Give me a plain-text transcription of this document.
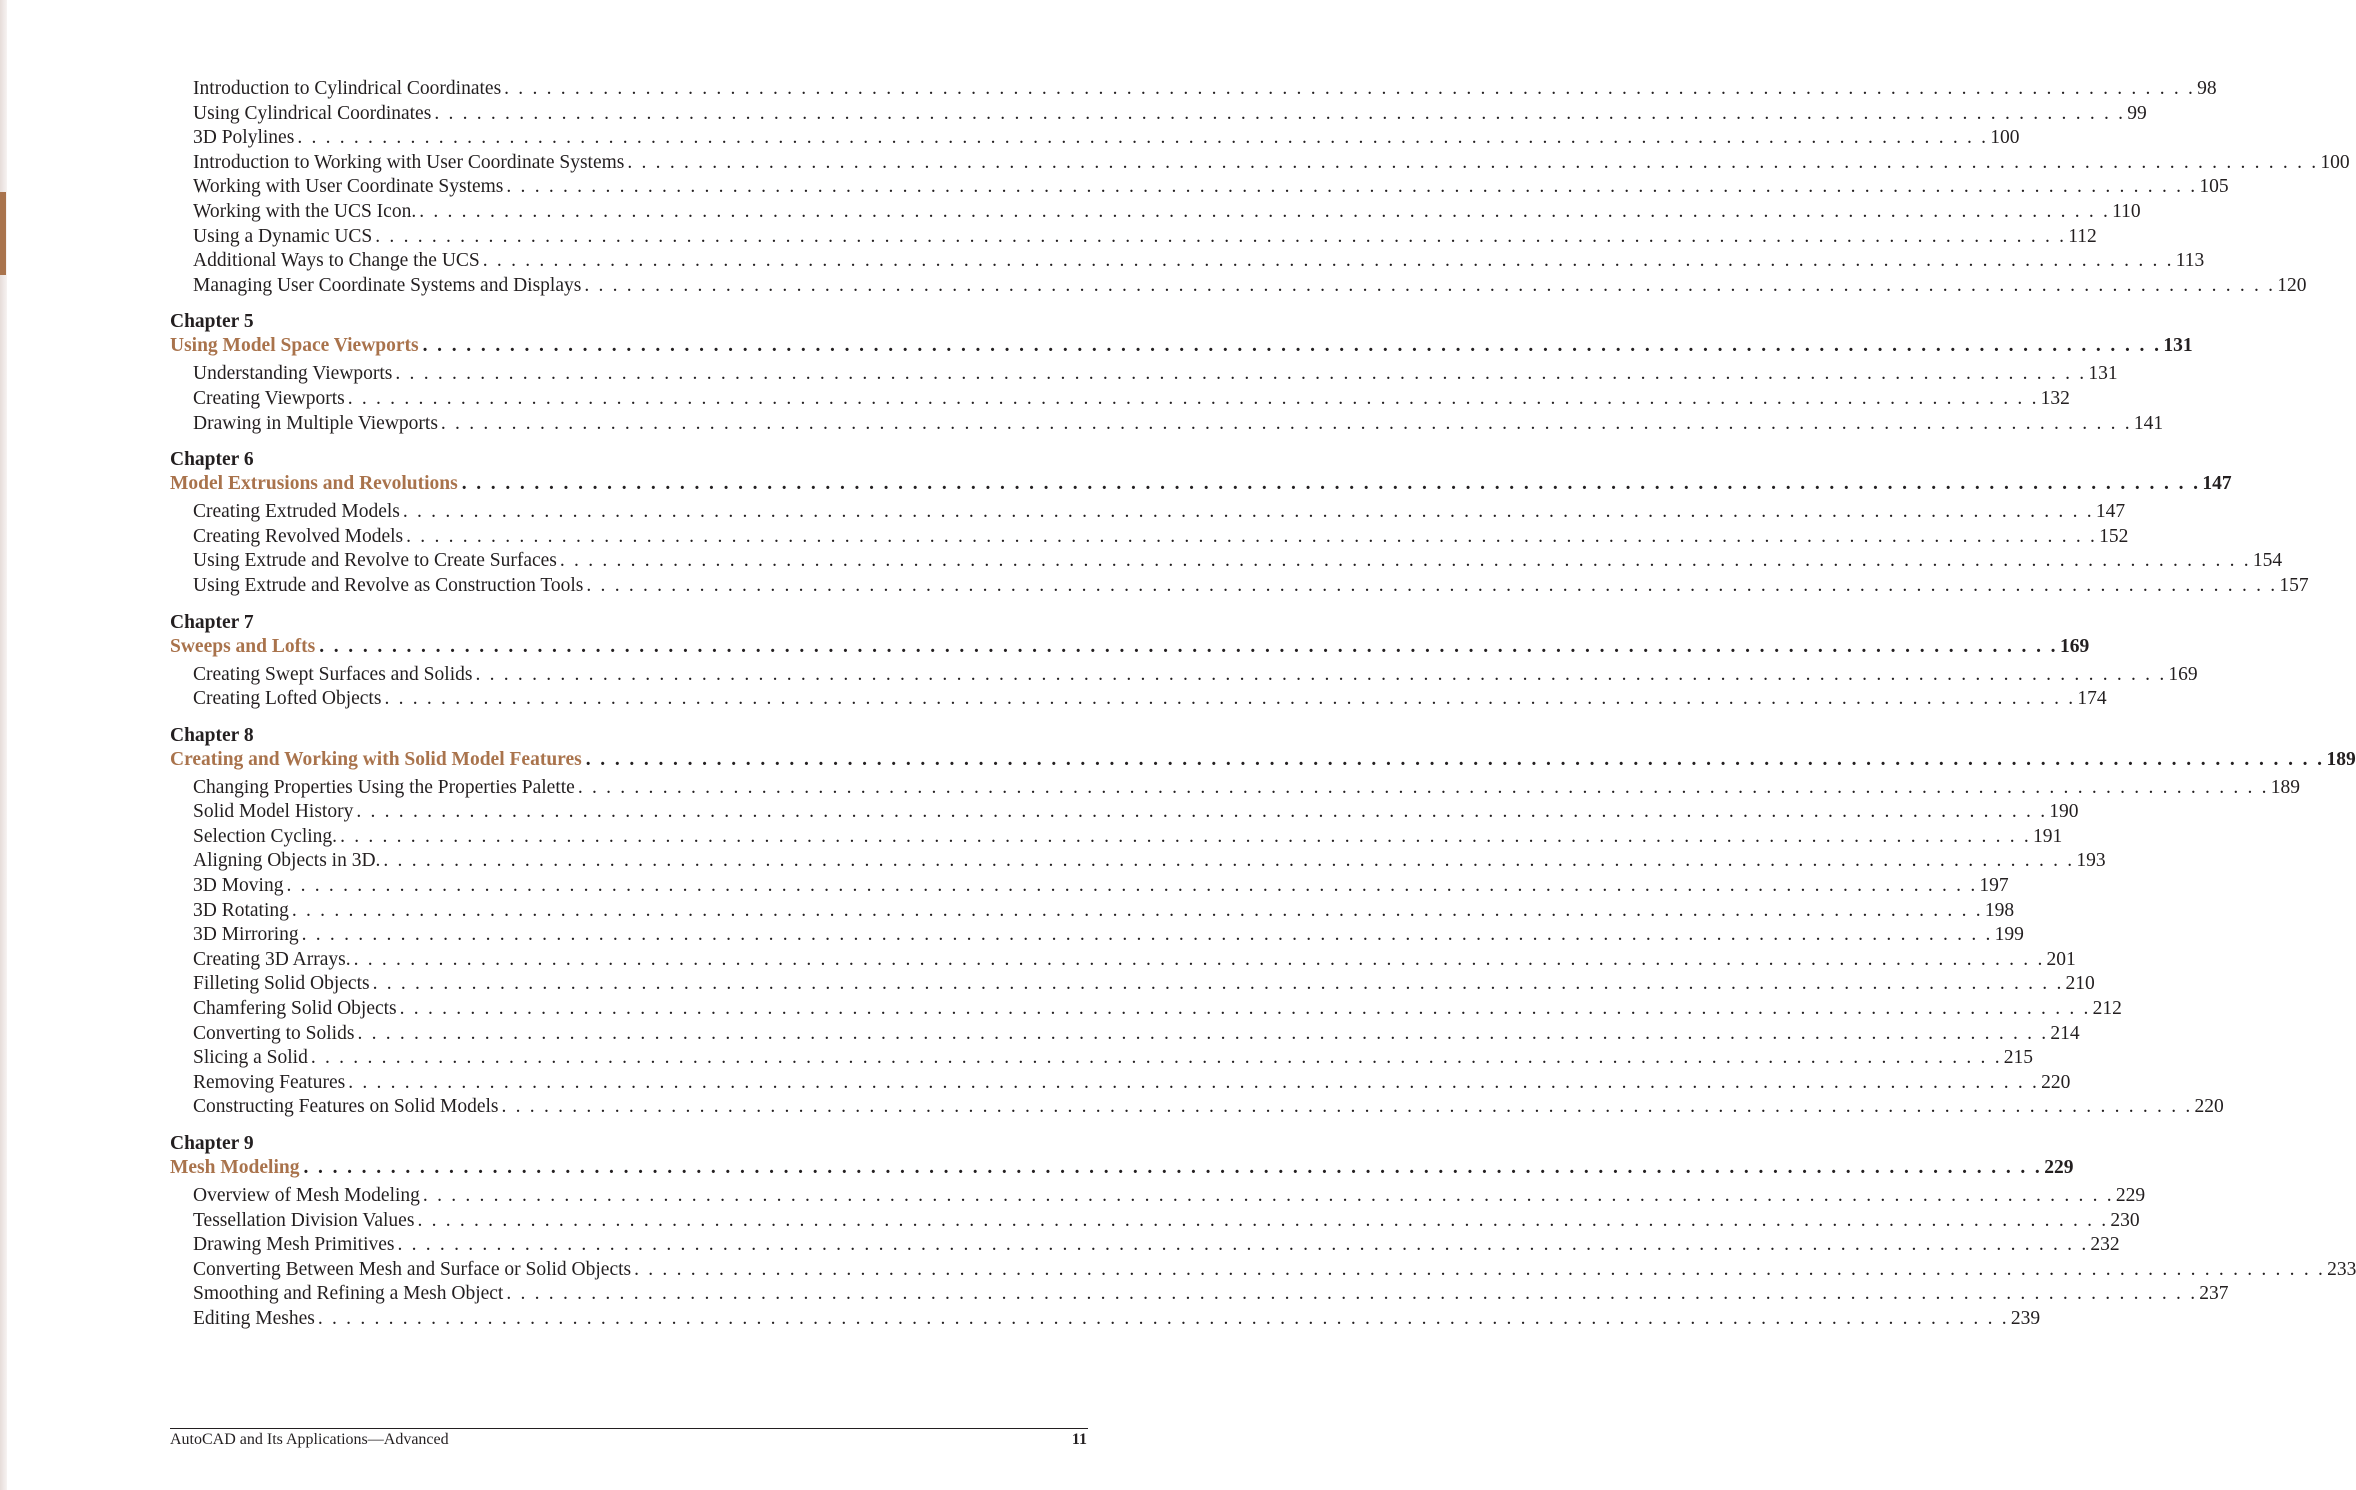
Introduction to Cylindrical Coordinates . . . . . . . . . . . . . . . . . . . . . . . . . . . . . . . . . . . . . . . . . . . . . . . . . . . . . . . . . . . . . . . . . . . . . . . . . . . . . . . . . . . . . . . . . . . . . . . . . . . . . . . . . . . . . . . . . . . . . . . . 98
Using Cylindrical Coordinates . . . . . . . . . . . . . . . . . . . . . . . . . . . . . . . . . . . . . . . . . . . . . . . . . . . . . . . . . . . . . . . . . . . . . . . . . . . . . . . . . . . . . . . . . . . . . . . . . . . . . . . . . . . . . . . . . . . . . . . . 99
3D Polylines . . . . . . . . . . . . . . . . . . . . . . . . . . . . . . . . . . . . . . . . . . . . . . . . . . . . . . . . . . . . . . . . . . . . . . . . . . . . . . . . . . . . . . . . . . . . . . . . . . . . . . . . . . . . . . . . . . . . . . . . 100
Introduction to Working with User Coordinate Systems . . . . . . . . . . . . . . . . . . . . . . . . . . . . . . . . . . . . . . . . . . . . . . . . . . . . . . . . . . . . . . . . . . . . . . . . . . . . . . . . . . . . . . . . . . . . . . . . . . . . . . . . . . . . . . . . . . . . . . . . 100
Working with User Coordinate Systems . . . . . . . . . . . . . . . . . . . . . . . . . . . . . . . . . . . . . . . . . . . . . . . . . . . . . . . . . . . . . . . . . . . . . . . . . . . . . . . . . . . . . . . . . . . . . . . . . . . . . . . . . . . . . . . . . . . . . . . . 105
Working with the UCS Icon. . . . . . . . . . . . . . . . . . . . . . . . . . . . . . . . . . . . . . . . . . . . . . . . . . . . . . . . . . . . . . . . . . . . . . . . . . . . . . . . . . . . . . . . . . . . . . . . . . . . . . . . . . . . . . . . . . . . . . . . . 110
Using a Dynamic UCS . . . . . . . . . . . . . . . . . . . . . . . . . . . . . . . . . . . . . . . . . . . . . . . . . . . . . . . . . . . . . . . . . . . . . . . . . . . . . . . . . . . . . . . . . . . . . . . . . . . . . . . . . . . . . . . . . . . . . . . . 112
Additional Ways to Change the UCS . . . . . . . . . . . . . . . . . . . . . . . . . . . . . . . . . . . . . . . . . . . . . . . . . . . . . . . . . . . . . . . . . . . . . . . . . . . . . . . . . . . . . . . . . . . . . . . . . . . . . . . . . . . . . . . . . . . . . . . . 113
Managing User Coordinate Systems and Displays . . . . . . . . . . . . . . . . . . . . . . . . . . . . . . . . . . . . . . . . . . . . . . . . . . . . . . . . . . . . . . . . . . . . . . . . . . . . . . . . . . . . . . . . . . . . . . . . . . . . . . . . . . . . . . . . . . . . . . . . 120
Chapter 5
Using Model Space Viewports . . . . . . . . . . . . . . . . . . . . . . . . . . . . . . . . . . . . . . . . . . . . . . . . . . . . . . . . . . . . . . . . . . . . . . . . . . . . . . . . . . . . . . . . . . . . . . . . . . . . . . . . . . . . . . . . . . . . . . . . 131
Understanding Viewports . . . . . . . . . . . . . . . . . . . . . . . . . . . . . . . . . . . . . . . . . . . . . . . . . . . . . . . . . . . . . . . . . . . . . . . . . . . . . . . . . . . . . . . . . . . . . . . . . . . . . . . . . . . . . . . . . . . . . . . . 131
Creating Viewports . . . . . . . . . . . . . . . . . . . . . . . . . . . . . . . . . . . . . . . . . . . . . . . . . . . . . . . . . . . . . . . . . . . . . . . . . . . . . . . . . . . . . . . . . . . . . . . . . . . . . . . . . . . . . . . . . . . . . . . . 132
Drawing in Multiple Viewports . . . . . . . . . . . . . . . . . . . . . . . . . . . . . . . . . . . . . . . . . . . . . . . . . . . . . . . . . . . . . . . . . . . . . . . . . . . . . . . . . . . . . . . . . . . . . . . . . . . . . . . . . . . . . . . . . . . . . . . . 141
Chapter 6
Model Extrusions and Revolutions . . . . . . . . . . . . . . . . . . . . . . . . . . . . . . . . . . . . . . . . . . . . . . . . . . . . . . . . . . . . . . . . . . . . . . . . . . . . . . . . . . . . . . . . . . . . . . . . . . . . . . . . . . . . . . . . . . . . . . . . 147
Creating Extruded Models . . . . . . . . . . . . . . . . . . . . . . . . . . . . . . . . . . . . . . . . . . . . . . . . . . . . . . . . . . . . . . . . . . . . . . . . . . . . . . . . . . . . . . . . . . . . . . . . . . . . . . . . . . . . . . . . . . . . . . . . 147
Creating Revolved Models . . . . . . . . . . . . . . . . . . . . . . . . . . . . . . . . . . . . . . . . . . . . . . . . . . . . . . . . . . . . . . . . . . . . . . . . . . . . . . . . . . . . . . . . . . . . . . . . . . . . . . . . . . . . . . . . . . . . . . . . 152
Using Extrude and Revolve to Create Surfaces . . . . . . . . . . . . . . . . . . . . . . . . . . . . . . . . . . . . . . . . . . . . . . . . . . . . . . . . . . . . . . . . . . . . . . . . . . . . . . . . . . . . . . . . . . . . . . . . . . . . . . . . . . . . . . . . . . . . . . . . 154
Using Extrude and Revolve as Construction Tools . . . . . . . . . . . . . . . . . . . . . . . . . . . . . . . . . . . . . . . . . . . . . . . . . . . . . . . . . . . . . . . . . . . . . . . . . . . . . . . . . . . . . . . . . . . . . . . . . . . . . . . . . . . . . . . . . . . . . . . . 157
Chapter 7
Sweeps and Lofts . . . . . . . . . . . . . . . . . . . . . . . . . . . . . . . . . . . . . . . . . . . . . . . . . . . . . . . . . . . . . . . . . . . . . . . . . . . . . . . . . . . . . . . . . . . . . . . . . . . . . . . . . . . . . . . . . . . . . . . . 169
Creating Swept Surfaces and Solids . . . . . . . . . . . . . . . . . . . . . . . . . . . . . . . . . . . . . . . . . . . . . . . . . . . . . . . . . . . . . . . . . . . . . . . . . . . . . . . . . . . . . . . . . . . . . . . . . . . . . . . . . . . . . . . . . . . . . . . . 169
Creating Lofted Objects . . . . . . . . . . . . . . . . . . . . . . . . . . . . . . . . . . . . . . . . . . . . . . . . . . . . . . . . . . . . . . . . . . . . . . . . . . . . . . . . . . . . . . . . . . . . . . . . . . . . . . . . . . . . . . . . . . . . . . . . 174
Chapter 8
Creating and Working with Solid Model Features . . . . . . . . . . . . . . . . . . . . . . . . . . . . . . . . . . . . . . . . . . . . . . . . . . . . . . . . . . . . . . . . . . . . . . . . . . . . . . . . . . . . . . . . . . . . . . . . . . . . . . . . . . . . . . . . . . . . . . . . 189
Changing Properties Using the Properties Palette . . . . . . . . . . . . . . . . . . . . . . . . . . . . . . . . . . . . . . . . . . . . . . . . . . . . . . . . . . . . . . . . . . . . . . . . . . . . . . . . . . . . . . . . . . . . . . . . . . . . . . . . . . . . . . . . . . . . . . . . 189
Solid Model History . . . . . . . . . . . . . . . . . . . . . . . . . . . . . . . . . . . . . . . . . . . . . . . . . . . . . . . . . . . . . . . . . . . . . . . . . . . . . . . . . . . . . . . . . . . . . . . . . . . . . . . . . . . . . . . . . . . . . . . . 190
Selection Cycling. . . . . . . . . . . . . . . . . . . . . . . . . . . . . . . . . . . . . . . . . . . . . . . . . . . . . . . . . . . . . . . . . . . . . . . . . . . . . . . . . . . . . . . . . . . . . . . . . . . . . . . . . . . . . . . . . . . . . . . . . 191
Aligning Objects in 3D. . . . . . . . . . . . . . . . . . . . . . . . . . . . . . . . . . . . . . . . . . . . . . . . . . . . . . . . . . . . . . . . . . . . . . . . . . . . . . . . . . . . . . . . . . . . . . . . . . . . . . . . . . . . . . . . . . . . . . . . . 193
3D Moving . . . . . . . . . . . . . . . . . . . . . . . . . . . . . . . . . . . . . . . . . . . . . . . . . . . . . . . . . . . . . . . . . . . . . . . . . . . . . . . . . . . . . . . . . . . . . . . . . . . . . . . . . . . . . . . . . . . . . . . . 197
3D Rotating . . . . . . . . . . . . . . . . . . . . . . . . . . . . . . . . . . . . . . . . . . . . . . . . . . . . . . . . . . . . . . . . . . . . . . . . . . . . . . . . . . . . . . . . . . . . . . . . . . . . . . . . . . . . . . . . . . . . . . . . 198
3D Mirroring . . . . . . . . . . . . . . . . . . . . . . . . . . . . . . . . . . . . . . . . . . . . . . . . . . . . . . . . . . . . . . . . . . . . . . . . . . . . . . . . . . . . . . . . . . . . . . . . . . . . . . . . . . . . . . . . . . . . . . . . 199
Creating 3D Arrays. . . . . . . . . . . . . . . . . . . . . . . . . . . . . . . . . . . . . . . . . . . . . . . . . . . . . . . . . . . . . . . . . . . . . . . . . . . . . . . . . . . . . . . . . . . . . . . . . . . . . . . . . . . . . . . . . . . . . . . . . 201
Filleting Solid Objects . . . . . . . . . . . . . . . . . . . . . . . . . . . . . . . . . . . . . . . . . . . . . . . . . . . . . . . . . . . . . . . . . . . . . . . . . . . . . . . . . . . . . . . . . . . . . . . . . . . . . . . . . . . . . . . . . . . . . . . . 210
Chamfering Solid Objects . . . . . . . . . . . . . . . . . . . . . . . . . . . . . . . . . . . . . . . . . . . . . . . . . . . . . . . . . . . . . . . . . . . . . . . . . . . . . . . . . . . . . . . . . . . . . . . . . . . . . . . . . . . . . . . . . . . . . . . . 212
Converting to Solids . . . . . . . . . . . . . . . . . . . . . . . . . . . . . . . . . . . . . . . . . . . . . . . . . . . . . . . . . . . . . . . . . . . . . . . . . . . . . . . . . . . . . . . . . . . . . . . . . . . . . . . . . . . . . . . . . . . . . . . . 214
Slicing a Solid . . . . . . . . . . . . . . . . . . . . . . . . . . . . . . . . . . . . . . . . . . . . . . . . . . . . . . . . . . . . . . . . . . . . . . . . . . . . . . . . . . . . . . . . . . . . . . . . . . . . . . . . . . . . . . . . . . . . . . . . 215
Removing Features . . . . . . . . . . . . . . . . . . . . . . . . . . . . . . . . . . . . . . . . . . . . . . . . . . . . . . . . . . . . . . . . . . . . . . . . . . . . . . . . . . . . . . . . . . . . . . . . . . . . . . . . . . . . . . . . . . . . . . . . 220
Constructing Features on Solid Models . . . . . . . . . . . . . . . . . . . . . . . . . . . . . . . . . . . . . . . . . . . . . . . . . . . . . . . . . . . . . . . . . . . . . . . . . . . . . . . . . . . . . . . . . . . . . . . . . . . . . . . . . . . . . . . . . . . . . . . . 220
Chapter 9
Mesh Modeling . . . . . . . . . . . . . . . . . . . . . . . . . . . . . . . . . . . . . . . . . . . . . . . . . . . . . . . . . . . . . . . . . . . . . . . . . . . . . . . . . . . . . . . . . . . . . . . . . . . . . . . . . . . . . . . . . . . . . . . . 229
Overview of Mesh Modeling . . . . . . . . . . . . . . . . . . . . . . . . . . . . . . . . . . . . . . . . . . . . . . . . . . . . . . . . . . . . . . . . . . . . . . . . . . . . . . . . . . . . . . . . . . . . . . . . . . . . . . . . . . . . . . . . . . . . . . . . 229
Tessellation Division Values . . . . . . . . . . . . . . . . . . . . . . . . . . . . . . . . . . . . . . . . . . . . . . . . . . . . . . . . . . . . . . . . . . . . . . . . . . . . . . . . . . . . . . . . . . . . . . . . . . . . . . . . . . . . . . . . . . . . . . . . 230
Drawing Mesh Primitives . . . . . . . . . . . . . . . . . . . . . . . . . . . . . . . . . . . . . . . . . . . . . . . . . . . . . . . . . . . . . . . . . . . . . . . . . . . . . . . . . . . . . . . . . . . . . . . . . . . . . . . . . . . . . . . . . . . . . . . . 232
Converting Between Mesh and Surface or Solid Objects . . . . . . . . . . . . . . . . . . . . . . . . . . . . . . . . . . . . . . . . . . . . . . . . . . . . . . . . . . . . . . . . . . . . . . . . . . . . . . . . . . . . . . . . . . . . . . . . . . . . . . . . . . . . . . . . . . . . . . . . 233
Smoothing and Refining a Mesh Object . . . . . . . . . . . . . . . . . . . . . . . . . . . . . . . . . . . . . . . . . . . . . . . . . . . . . . . . . . . . . . . . . . . . . . . . . . . . . . . . . . . . . . . . . . . . . . . . . . . . . . . . . . . . . . . . . . . . . . . . 237
Editing Meshes . . . . . . . . . . . . . . . . . . . . . . . . . . . . . . . . . . . . . . . . . . . . . . . . . . . . . . . . . . . . . . . . . . . . . . . . . . . . . . . . . . . . . . . . . . . . . . . . . . . . . . . . . . . . . . . . . . . . . . . . 239
AutoCAD and Its Applications—Advanced	11
